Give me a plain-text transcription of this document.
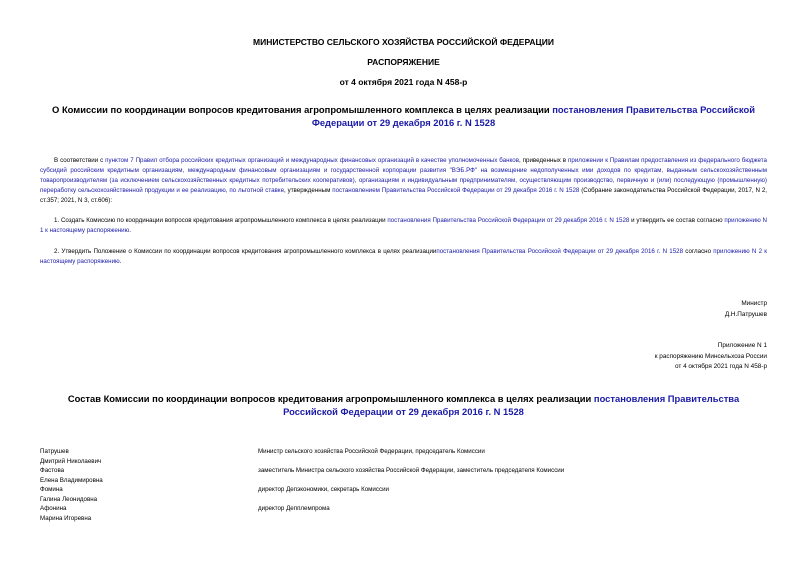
МИНИСТЕРСТВО СЕЛЬСКОГО ХОЗЯЙСТВА РОССИЙСКОЙ ФЕДЕРАЦИИ
РАСПОРЯЖЕНИЕ
от 4 октября 2021 года N 458-р
О Комиссии по координации вопросов кредитования агропромышленного комплекса в целях реализации постановления Правительства Российской Федерации от 29 декабря 2016 г. N 1528
В соответствии с пунктом 7 Правил отбора российских кредитных организаций и международных финансовых организаций в качестве уполномоченных банков, приведенных в приложении к Правилам предоставления из федерального бюджета субсидий российским кредитным организациям, международным финансовым организациям и государственной корпорации развития "ВЭБ.РФ" на возмещение недополученных ими доходов по кредитам, выданным сельскохозяйственным товаропроизводителям (за исключением сельскохозяйственных кредитных потребительских кооперативов), организациям и индивидуальным предпринимателям, осуществляющим производство, первичную и (или) последующую (промышленную) переработку сельскохозяйственной продукции и ее реализацию, по льготной ставке, утвержденным постановлением Правительства Российской Федерации от 29 декабря 2016 г. N 1528 (Собрание законодательства Российской Федерации, 2017, N 2, ст.357; 2021, N 3, ст.606):
1. Создать Комиссию по координации вопросов кредитования агропромышленного комплекса в целях реализации постановления Правительства Российской Федерации от 29 декабря 2016 г. N 1528 и утвердить ее состав согласно приложению N 1 к настоящему распоряжению.
2. Утвердить Положение о Комиссии по координации вопросов кредитования агропромышленного комплекса в целях реализациипостановления Правительства Российской Федерации от 29 декабря 2016 г. N 1528 согласно приложению N 2 к настоящему распоряжению.
Министр
Д.Н.Патрушев
Приложение N 1
к распоряжению Минсельхоза России
от 4 октября 2021 года N 458-р
Состав Комиссии по координации вопросов кредитования агропромышленного комплекса в целях реализации постановления Правительства Российской Федерации от 29 декабря 2016 г. N 1528
Патрушев
Дмитрий Николаевич
Министр сельского хозяйства Российской Федерации, председатель Комиссии
Фастова
Елена Владимировна
заместитель Министра сельского хозяйства Российской Федерации, заместитель председателя Комиссии
Фомина
Галина Леонидовна
директор Депэкономики, секретарь Комиссии
Афонина
Марина Игоревна
директор Депплемпрома
